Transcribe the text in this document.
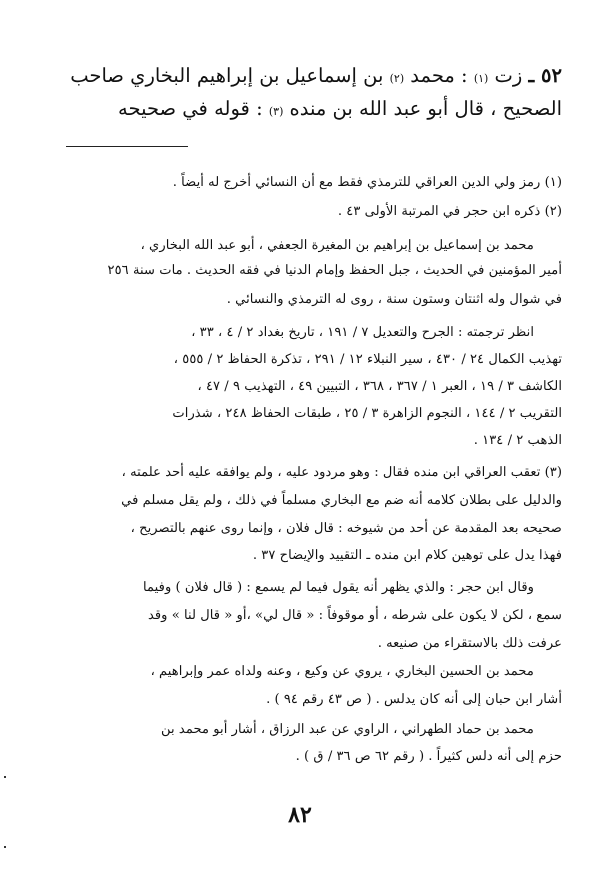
٥٢ ـ زت (١) : محمد (٢) بن إسماعيل بن إبراهيم البخاري صاحب

الصحيح ، قال أبو عبد الله بن منده (٣) : قوله في صحيحه

(١) رمز ولي الدين العراقي للترمذي فقط مع أن النسائي أخرج له أيضاً .

(٢) ذكره ابن حجر في المرتبة الأولى ٤٣ .

محمد بن إسماعيل بن إبراهيم بن المغيرة الجعفي ، أبو عبد الله البخاري ،

أمير المؤمنين في الحديث ، جبل الحفظ وإمام الدنيا في فقه الحديث . مات سنة ٢٥٦

في شوال وله اثنتان وستون سنة ، روى له الترمذي والنسائي .

انظر ترجمته : الجرح والتعديل ٧ / ١٩١ ، تاريخ بغداد ٢ / ٤ ، ٣٣ ،

تهذيب الكمال ٢٤ / ٤٣٠ ، سير النبلاء ١٢ / ٢٩١ ، تذكرة الحفاظ ٢ / ٥٥٥ ،

الكاشف ٣ / ١٩ ، العبر ١ / ٣٦٧ ، ٣٦٨ ، التبيين ٤٩ ، التهذيب ٩ / ٤٧ ،

التقريب ٢ / ١٤٤ ، النجوم الزاهرة ٣ / ٢٥ ، طبقات الحفاظ ٢٤٨ ، شذرات

الذهب ٢ / ١٣٤ .

(٣) تعقب العراقي ابن منده فقال : وهو مردود عليه ، ولم يوافقه عليه أحد علمته ،

والدليل على بطلان كلامه أنه ضم مع البخاري مسلماً في ذلك ، ولم يقل مسلم في

صحيحه بعد المقدمة عن أحد من شيوخه : قال فلان ، وإنما روى عنهم بالتصريح ،

فهذا يدل على توهين كلام ابن منده ـ التقييد والإيضاح ٣٧ .

وقال ابن حجر : والذي يظهر أنه يقول فيما لم يسمع : ( قال فلان ) وفيما

سمع ، لكن لا يكون على شرطه ، أو موقوفاً : « قال لي» ،أو « قال لنا » وقد

عرفت ذلك بالاستقراء من صنيعه .

محمد بن الحسين البخاري ، يروي عن وكيع ، وعنه ولداه عمر وإبراهيم ،

أشار ابن حبان إلى أنه كان يدلس . ( ص ٤٣ رقم ٩٤ ) .

محمد بن حماد الطهراني ، الراوي عن عبد الرزاق ، أشار أبو محمد بن

حزم إلى أنه دلس كثيراً . ( رقم ٦٢ ص ٣٦ / ق ) .

٨٢
